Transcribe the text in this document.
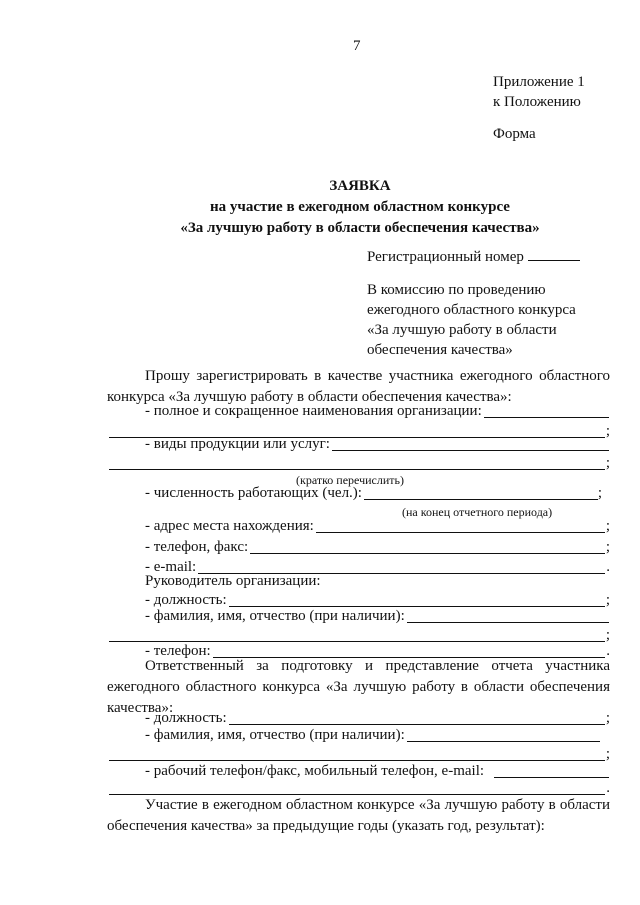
7
Приложение 1
к Положению
Форма
ЗАЯВКА
на участие в ежегодном областном конкурсе
«За лучшую работу в области обеспечения качества»
Регистрационный номер
В комиссию по проведению
ежегодного областного конкурса
«За лучшую работу в области
обеспечения качества»
Прошу зарегистрировать в качестве участника ежегодного областного конкурса «За лучшую работу в области обеспечения качества»:
- полное и сокращенное наименования организации:
;
- виды продукции или услуг:
;
(кратко перечислить)
- численность работающих (чел.):	;
(на конец отчетного периода)
- адрес места нахождения:	;
- телефон, факс:	;
- e-mail:	.
Руководитель организации:
- должность:	;
- фамилия, имя, отчество (при наличии):
;
- телефон:	.
Ответственный за подготовку и представление отчета участника ежегодного областного конкурса «За лучшую работу в области обеспечения качества»:
- должность:	;
- фамилия, имя, отчество (при наличии):
;
- рабочий телефон/факс, мобильный телефон, e-mail:
.
Участие в ежегодном областном конкурсе «За лучшую работу в области обеспечения качества» за предыдущие годы (указать год, результат):
